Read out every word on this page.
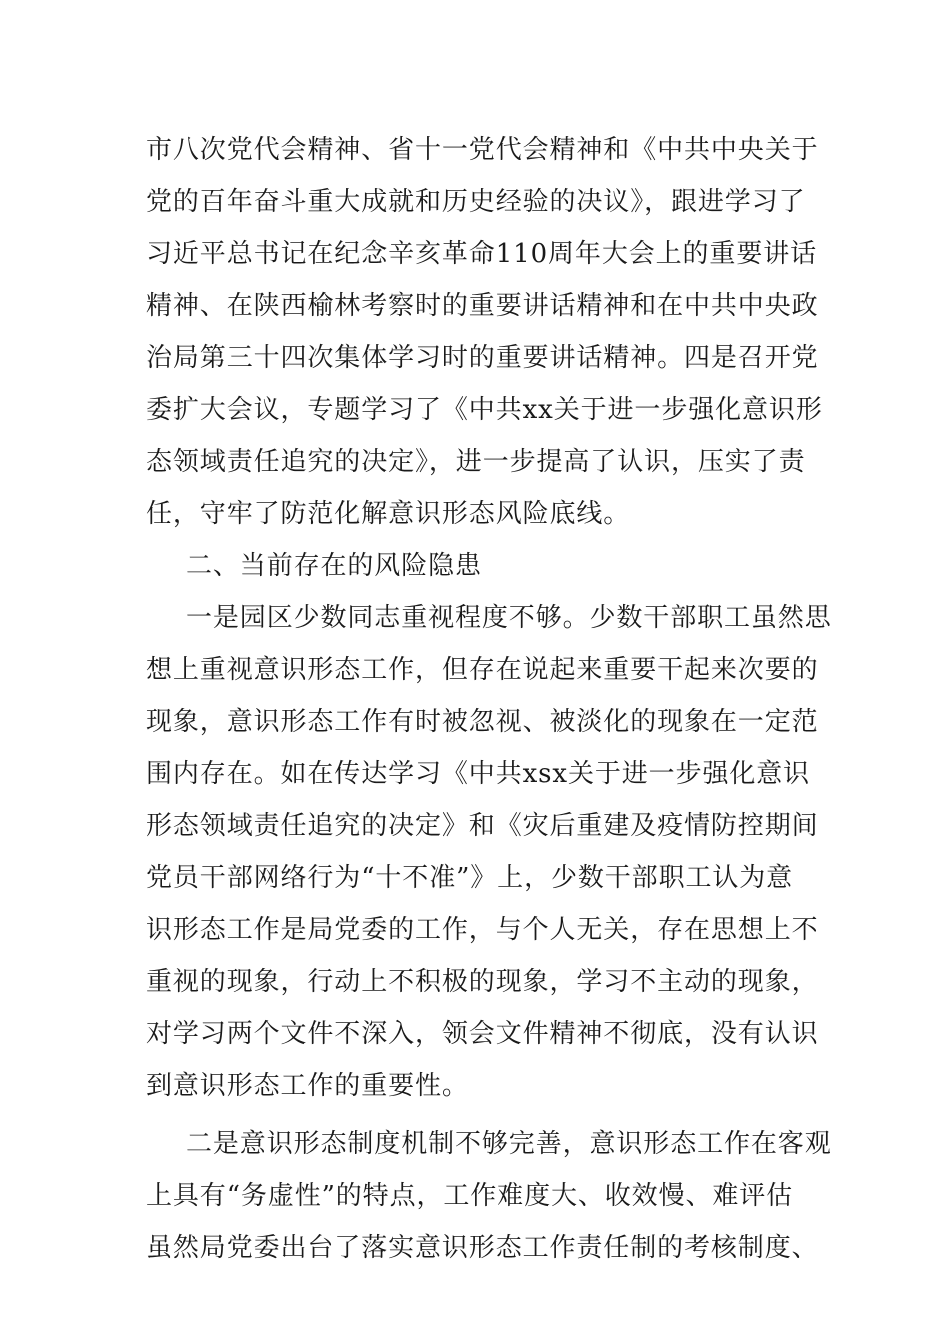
市八次党代会精神、省十一党代会精神和《中共中央关于
党的百年奋斗重大成就和历史经验的决议》，跟进学习了
习近平总书记在纪念辛亥革命110周年大会上的重要讲话
精神、在陕西榆林考察时的重要讲话精神和在中共中央政
治局第三十四次集体学习时的重要讲话精神。四是召开党
委扩大会议，专题学习了《中共xx关于进一步强化意识形
态领域责任追究的决定》，进一步提高了认识，压实了责
任，守牢了防范化解意识形态风险底线。
二、当前存在的风险隐患
一是园区少数同志重视程度不够。少数干部职工虽然思
想上重视意识形态工作，但存在说起来重要干起来次要的
现象，意识形态工作有时被忽视、被淡化的现象在一定范
围内存在。如在传达学习《中共xsx关于进一步强化意识
形态领域责任追究的决定》和《灾后重建及疫情防控期间
党员干部网络行为“十不准”》上，少数干部职工认为意
识形态工作是局党委的工作，与个人无关，存在思想上不
重视的现象，行动上不积极的现象，学习不主动的现象，
对学习两个文件不深入，领会文件精神不彻底，没有认识
到意识形态工作的重要性。
二是意识形态制度机制不够完善，意识形态工作在客观
上具有“务虚性”的特点，工作难度大、收效慢、难评估
虽然局党委出台了落实意识形态工作责任制的考核制度、
